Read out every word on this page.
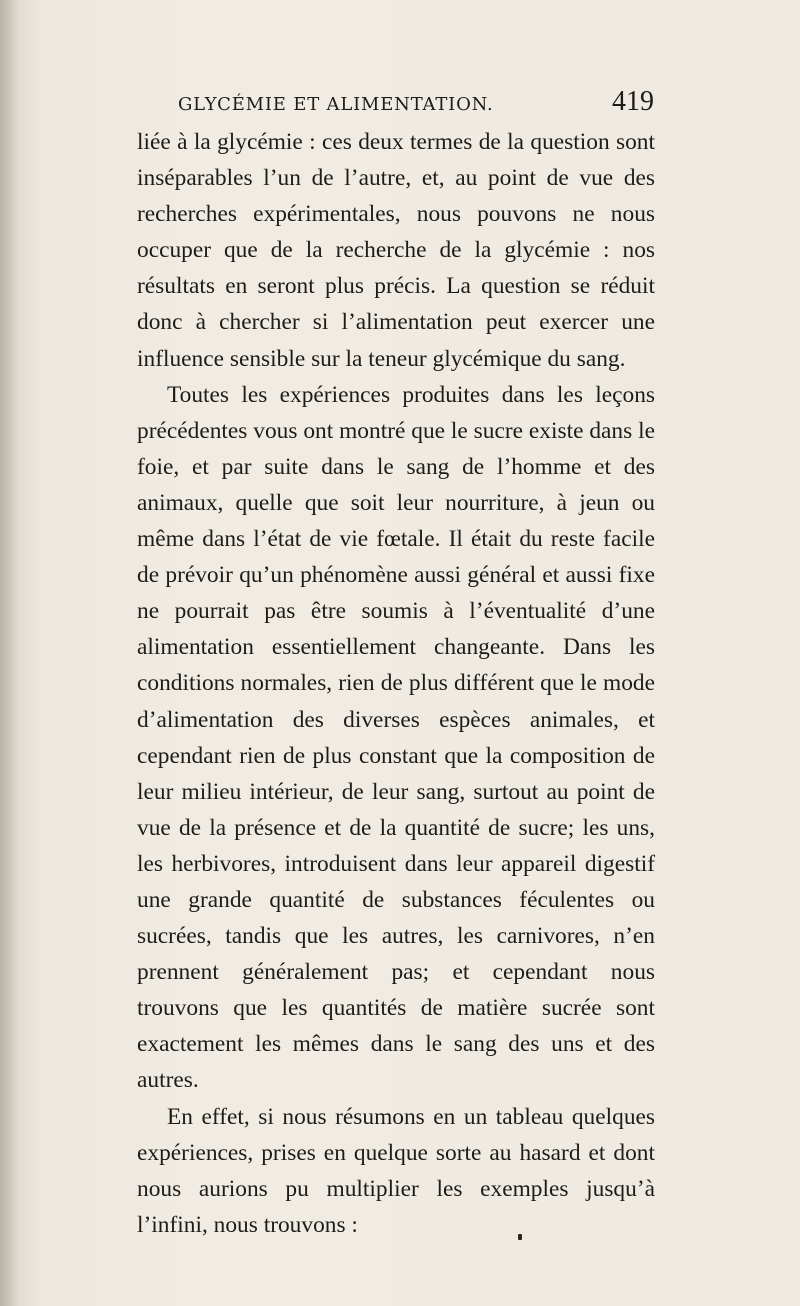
GLYCÉMIE ET ALIMENTATION.	419

liée à la glycémie : ces deux termes de la question sont inséparables l’un de l’autre, et, au point de vue des recherches expérimentales, nous pouvons ne nous occuper que de la recherche de la glycémie : nos résultats en seront plus précis. La question se réduit donc à chercher si l’alimentation peut exercer une influence sensible sur la teneur glycémique du sang.

Toutes les expériences produites dans les leçons précédentes vous ont montré que le sucre existe dans le foie, et par suite dans le sang de l’homme et des animaux, quelle que soit leur nourriture, à jeun ou même dans l’état de vie fœtale. Il était du reste facile de prévoir qu’un phénomène aussi général et aussi fixe ne pourrait pas être soumis à l’éventualité d’une alimentation essentiellement changeante. Dans les conditions normales, rien de plus différent que le mode d’alimentation des diverses espèces animales, et cependant rien de plus constant que la composition de leur milieu intérieur, de leur sang, surtout au point de vue de la présence et de la quantité de sucre; les uns, les herbivores, introduisent dans leur appareil digestif une grande quantité de substances féculentes ou sucrées, tandis que les autres, les carnivores, n’en prennent généralement pas; et cependant nous trouvons que les quantités de matière sucrée sont exactement les mêmes dans le sang des uns et des autres.

En effet, si nous résumons en un tableau quelques expériences, prises en quelque sorte au hasard et dont nous aurions pu multiplier les exemples jusqu’à l’infini, nous trouvons :
